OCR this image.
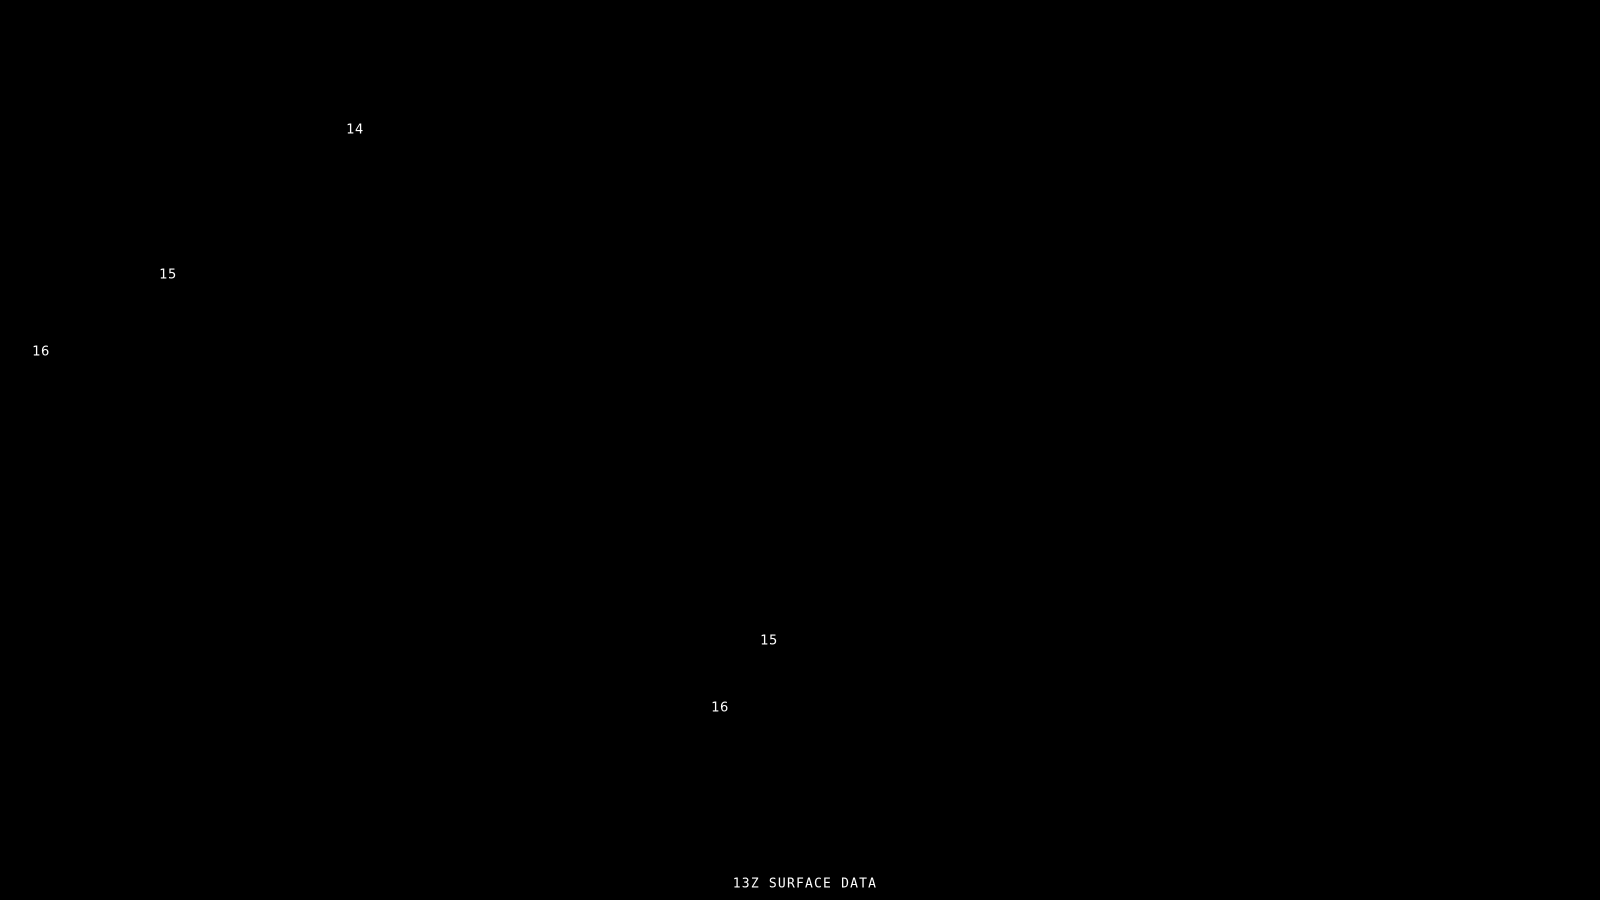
14
15
16
15
16
13Z SURFACE DATA
